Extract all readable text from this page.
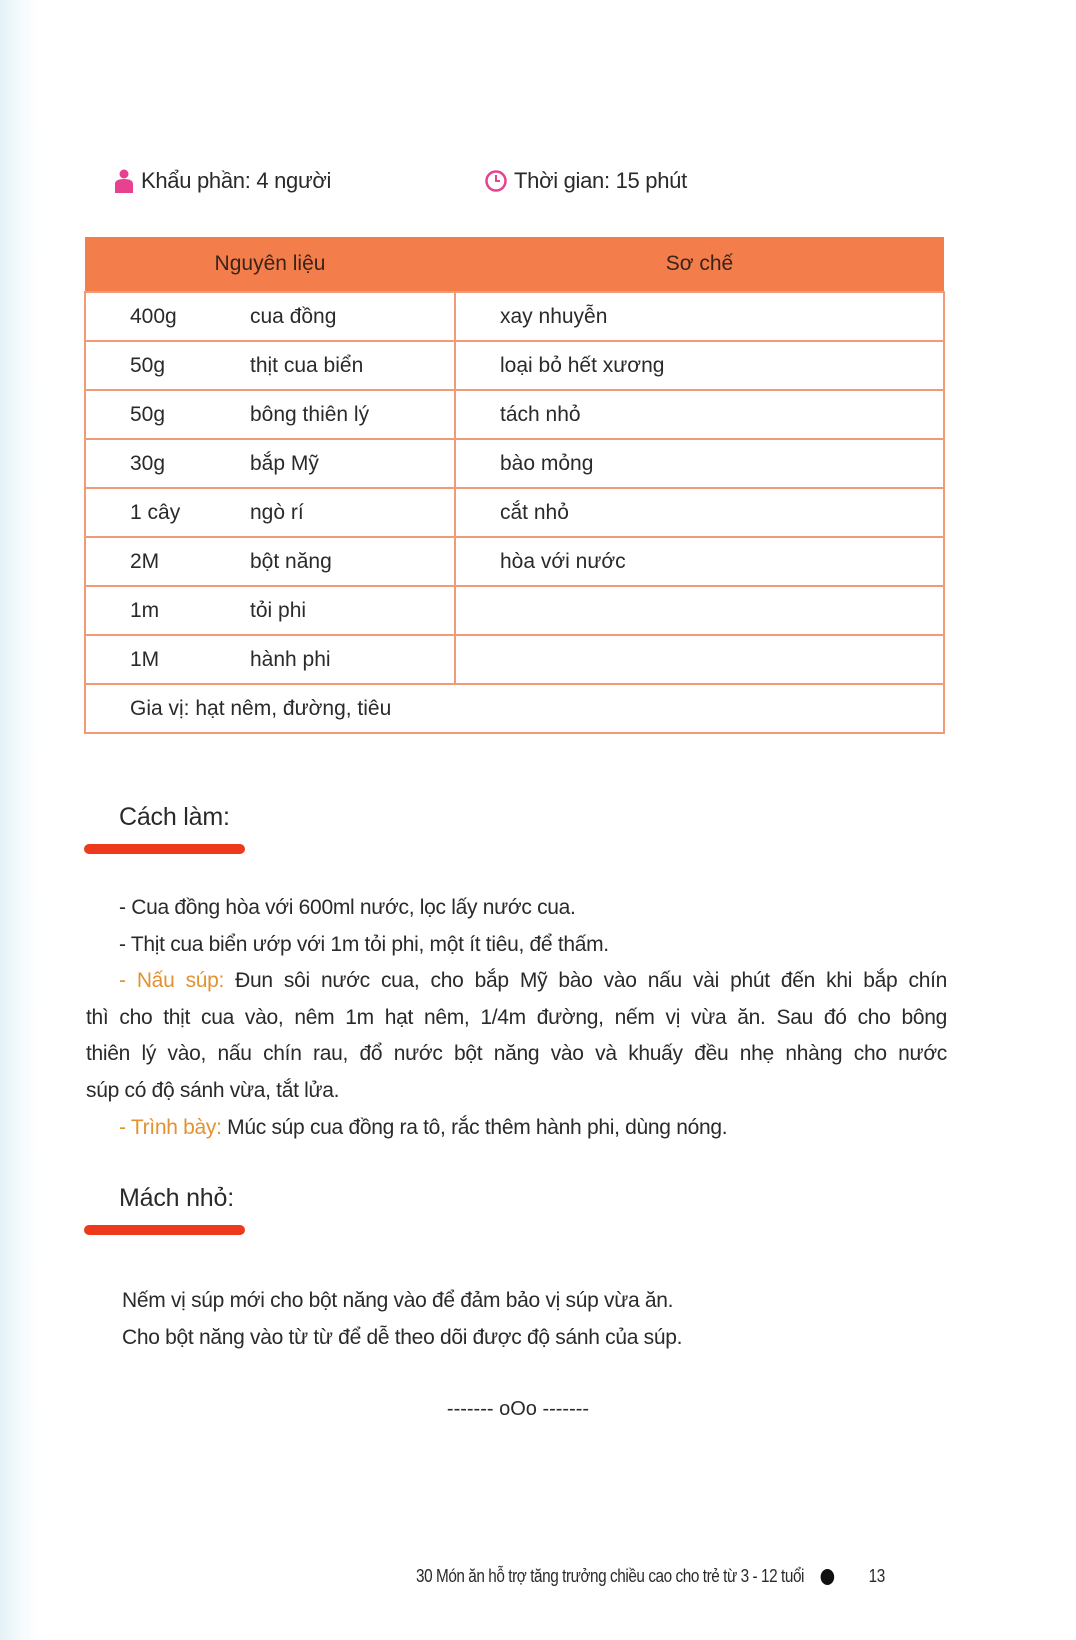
Khẩu phần: 4 người	Thời gian: 15 phút
Nguyên liệu		Sơ chế
400g	cua đồng	xay nhuyễn
50g	thịt cua biển	loại bỏ hết xương
50g	bông thiên lý	tách nhỏ
30g	bắp Mỹ	bào mỏng
1 cây	ngò rí	cắt nhỏ
2M	bột năng	hòa với nước
1m	tỏi phi	
1M	hành phi	
Gia vị: hạt nêm, đường, tiêu		
Cách làm:
- Cua đồng hòa với 600ml nước, lọc lấy nước cua.
- Thịt cua biển ướp với 1m tỏi phi, một ít tiêu, để thấm.
- Nấu súp: Đun sôi nước cua, cho bắp Mỹ bào vào nấu vài phút đến khi bắp chín
thì cho thịt cua vào, nêm 1m hạt nêm, 1/4m đường, nếm vị vừa ăn. Sau đó cho bông
thiên lý vào, nấu chín rau, đổ nước bột năng vào và khuấy đều nhẹ nhàng cho nước
súp có độ sánh vừa, tắt lửa.
- Trình bày: Múc súp cua đồng ra tô, rắc thêm hành phi, dùng nóng.
Mách nhỏ:
Nếm vị súp mới cho bột năng vào để đảm bảo vị súp vừa ăn.
Cho bột năng vào từ từ để dễ theo dõi được độ sánh của súp.
------- oOo -------
30 Món ăn hỗ trợ tăng trưởng chiều cao cho trẻ từ 3 - 12 tuổi	13
